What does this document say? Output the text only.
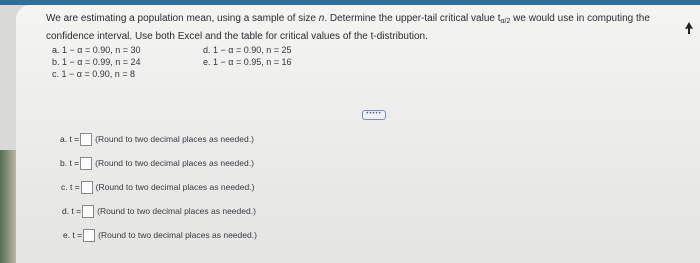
We are estimating a population mean, using a sample of size n. Determine the upper-tail critical value $t_{\alpha/2}$ we would use in computing the
confidence interval. Use both Excel and the table for critical values of the t-distribution.
a. 1 − α = 0.90, n = 30
b. 1 − α = 0.99, n = 24
c. 1 − α = 0.90, n = 8
d. 1 − α = 0.90, n = 25
e. 1 − α = 0.95, n = 16
•••••
a. t = (Round to two decimal places as needed.)
b. t = (Round to two decimal places as needed.)
c. t = (Round to two decimal places as needed.)
d. t = (Round to two decimal places as needed.)
e. t = (Round to two decimal places as needed.)
